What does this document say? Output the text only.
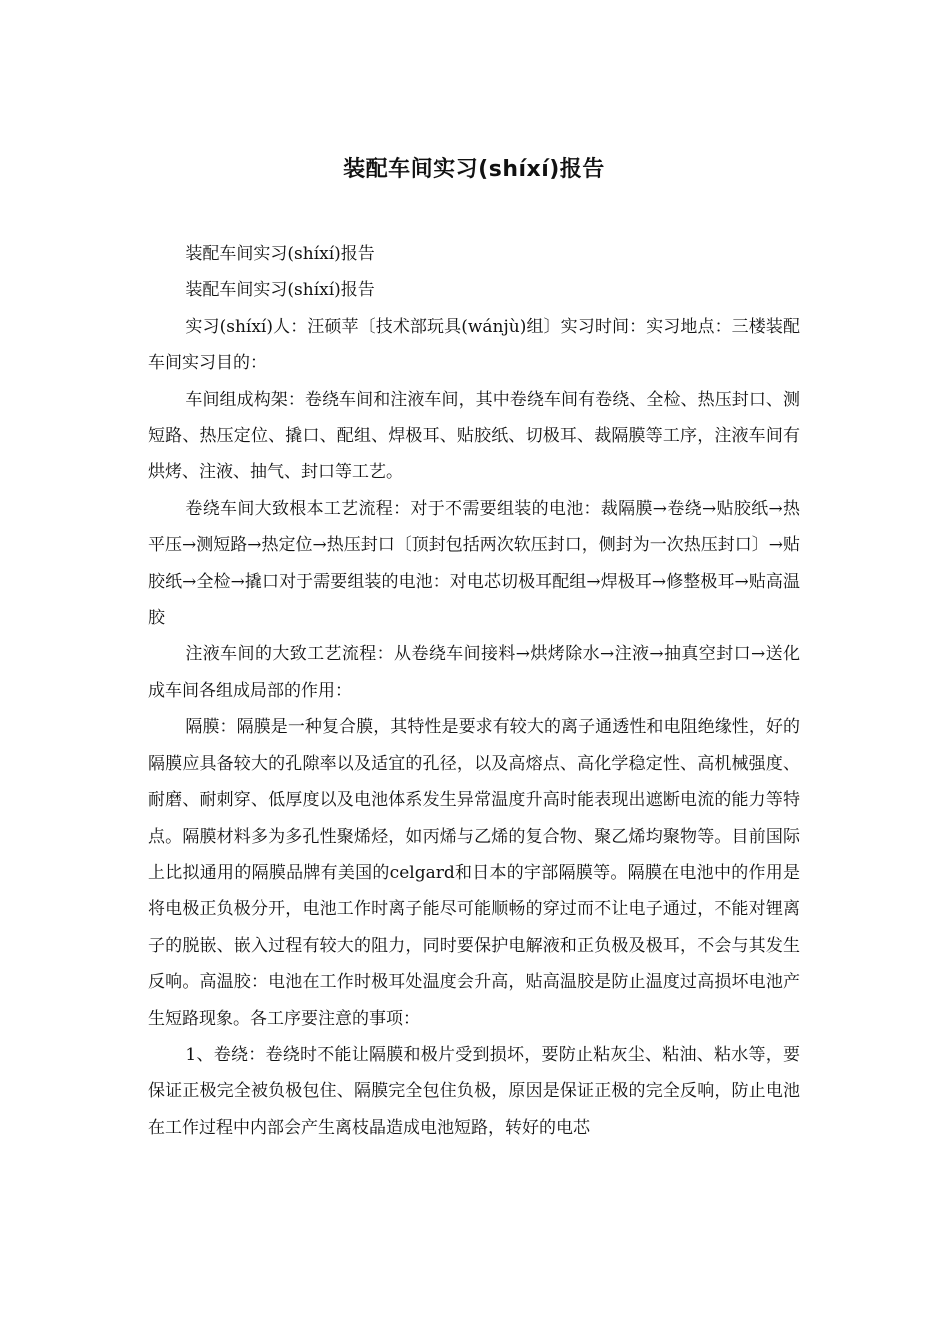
装配车间实习(shíxí)报告

装配车间实习(shíxí)报告

装配车间实习(shíxí)报告

实习(shíxí)人：汪硕苹〔技术部玩具(wánjù)组〕实习时间：实习地点：三楼装配车间实习目的：

车间组成构架：卷绕车间和注液车间，其中卷绕车间有卷绕、全检、热压封口、测短路、热压定位、撬口、配组、焊极耳、贴胶纸、切极耳、裁隔膜等工序，注液车间有烘烤、注液、抽气、封口等工艺。

卷绕车间大致根本工艺流程：对于不需要组装的电池：裁隔膜→卷绕→贴胶纸→热平压→测短路→热定位→热压封口〔顶封包括两次软压封口，侧封为一次热压封口〕→贴胶纸→全检→撬口对于需要组装的电池：对电芯切极耳配组→焊极耳→修整极耳→贴高温胶

注液车间的大致工艺流程：从卷绕车间接料→烘烤除水→注液→抽真空封口→送化成车间各组成局部的作用：

隔膜：隔膜是一种复合膜，其特性是要求有较大的离子通透性和电阻绝缘性，好的隔膜应具备较大的孔隙率以及适宜的孔径，以及高熔点、高化学稳定性、高机械强度、耐磨、耐刺穿、低厚度以及电池体系发生异常温度升高时能表现出遮断电流的能力等特点。隔膜材料多为多孔性聚烯烃，如丙烯与乙烯的复合物、聚乙烯均聚物等。目前国际上比拟通用的隔膜品牌有美国的celgard和日本的宇部隔膜等。隔膜在电池中的作用是将电极正负极分开，电池工作时离子能尽可能顺畅的穿过而不让电子通过，不能对锂离子的脱嵌、嵌入过程有较大的阻力，同时要保护电解液和正负极及极耳，不会与其发生反响。高温胶：电池在工作时极耳处温度会升高，贴高温胶是防止温度过高损坏电池产生短路现象。各工序要注意的事项：

1、卷绕：卷绕时不能让隔膜和极片受到损坏，要防止粘灰尘、粘油、粘水等，要保证正极完全被负极包住、隔膜完全包住负极，原因是保证正极的完全反响，防止电池在工作过程中内部会产生离枝晶造成电池短路，转好的电芯
